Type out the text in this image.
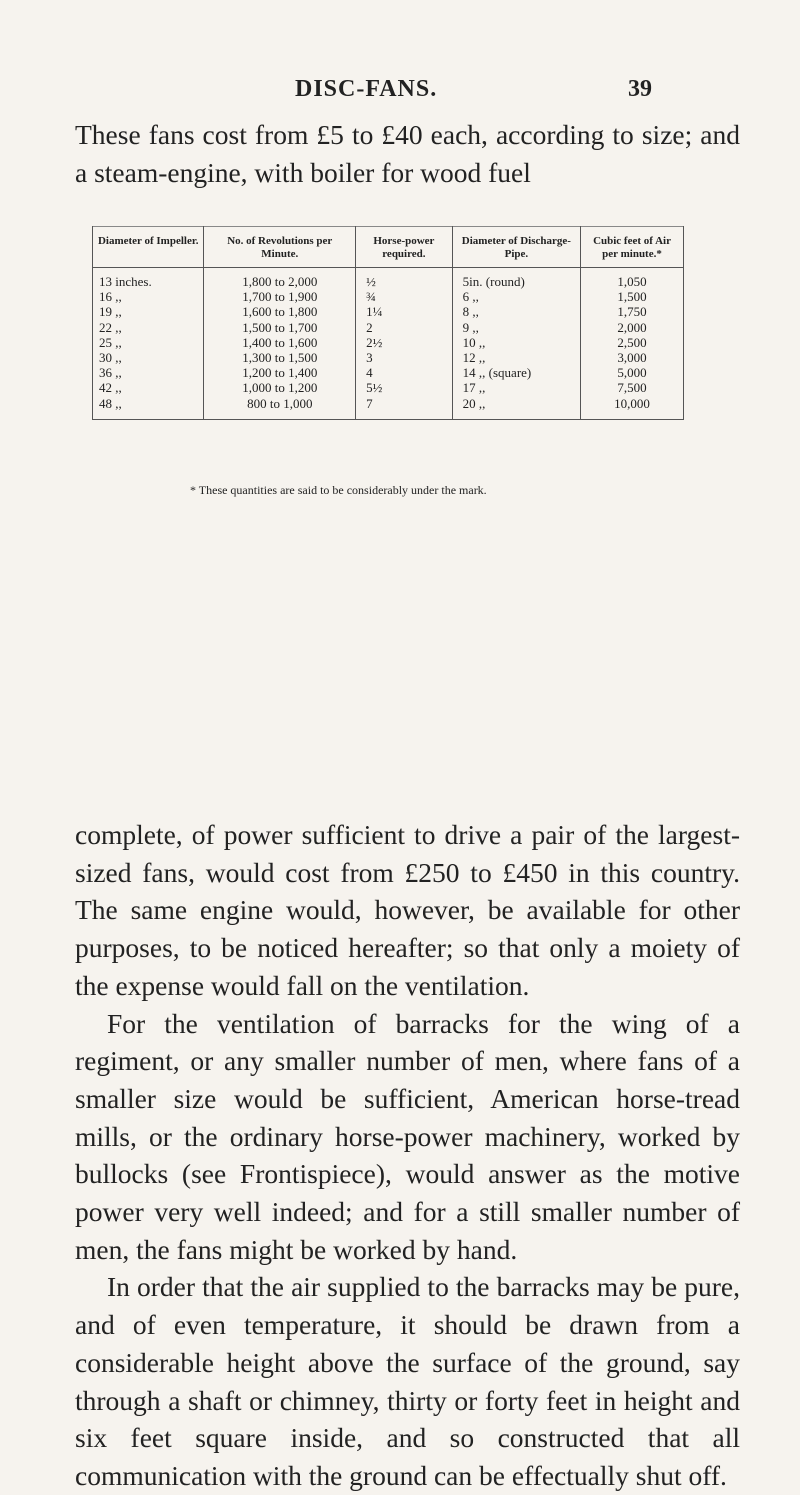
DISC-FANS.	39

These fans cost from £5 to £40 each, according to size; and a steam-engine, with boiler for wood fuel

Diameter of Impeller.	No. of Revolutions per Minute.	Horse-power required.	Diameter of Discharge-Pipe.	Cubic feet of Air per minute.*
13 inches.	1,800 to 2,000	½	5in. (round)	1,050
16 ,,	1,700 to 1,900	¾	6 ,,	1,500
19 ,,	1,600 to 1,800	1¼	8 ,,	1,750
22 ,,	1,500 to 1,700	2	9 ,,	2,000
25 ,,	1,400 to 1,600	2½	10 ,,	2,500
30 ,,	1,300 to 1,500	3	12 ,,	3,000
36 ,,	1,200 to 1,400	4	14 ,, (square)	5,000
42 ,,	1,000 to 1,200	5½	17 ,,	7,500
48 ,,	800 to 1,000	7	20 ,,	10,000
* These quantities are said to be considerably under the mark.

complete, of power sufficient to drive a pair of the largest-sized fans, would cost from £250 to £450 in this country. The same engine would, however, be available for other purposes, to be noticed hereafter; so that only a moiety of the expense would fall on the ventilation.

For the ventilation of barracks for the wing of a regiment, or any smaller number of men, where fans of a smaller size would be sufficient, American horse-tread mills, or the ordinary horse-power machinery, worked by bullocks (see Frontispiece), would answer as the motive power very well indeed; and for a still smaller number of men, the fans might be worked by hand.

In order that the air supplied to the barracks may be pure, and of even temperature, it should be drawn from a considerable height above the surface of the ground, say through a shaft or chimney, thirty or forty feet in height and six feet square inside, and so constructed that all communication with the ground can be effectually shut off.
